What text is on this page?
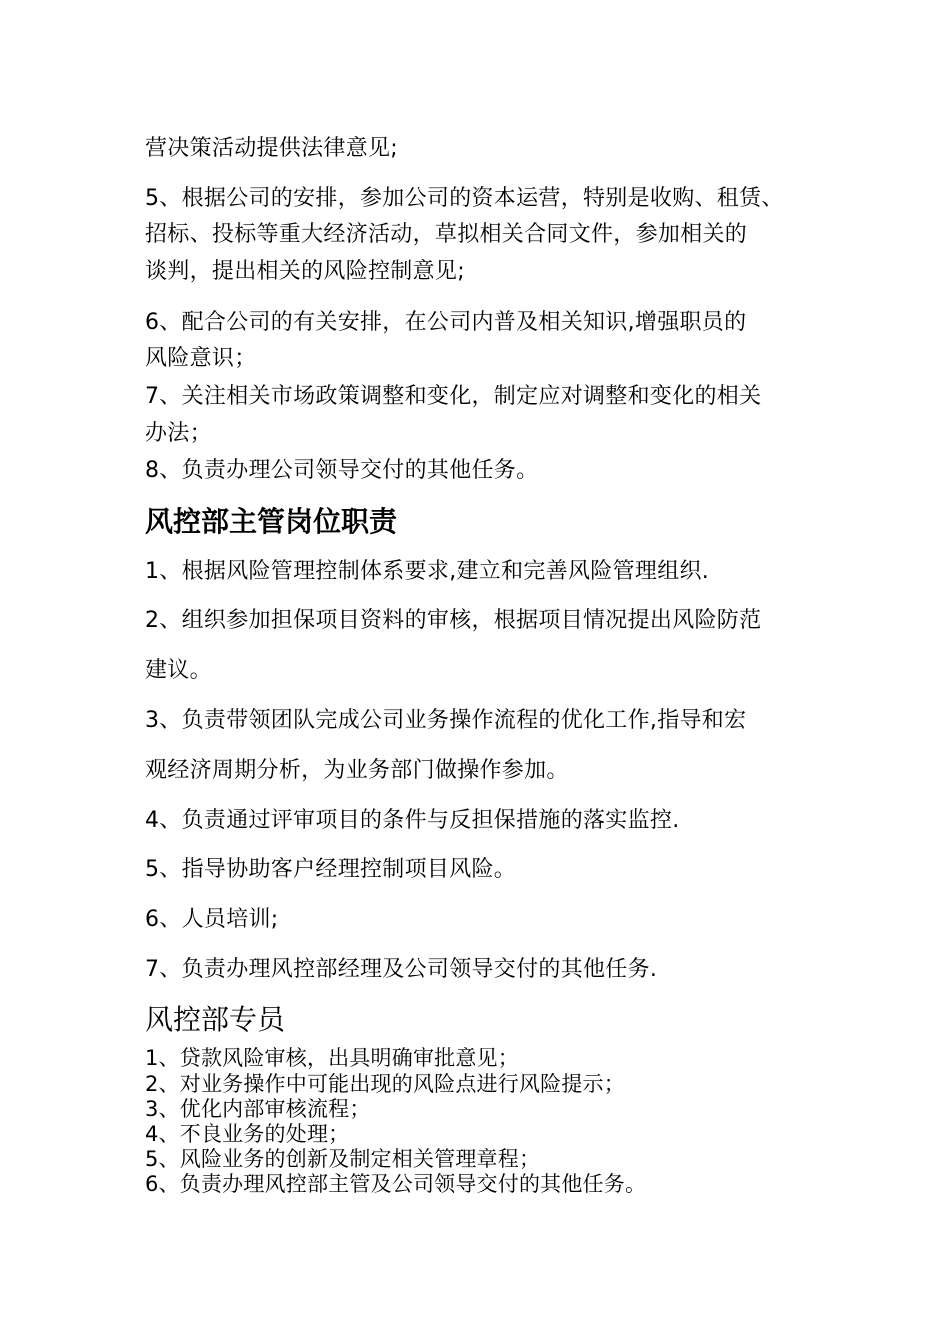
营决策活动提供法律意见;
5、根据公司的安排，参加公司的资本运营，特别是收购、租赁、
招标、投标等重大经济活动，草拟相关合同文件，参加相关的
谈判，提出相关的风险控制意见;
6、配合公司的有关安排，在公司内普及相关知识,增强职员的
风险意识；
7、关注相关市场政策调整和变化，制定应对调整和变化的相关
办法；
8、负责办理公司领导交付的其他任务。
风控部主管岗位职责
1、根据风险管理控制体系要求,建立和完善风险管理组织.
2、组织参加担保项目资料的审核，根据项目情况提出风险防范
建议。
3、负责带领团队完成公司业务操作流程的优化工作,指导和宏
观经济周期分析，为业务部门做操作参加。
4、负责通过评审项目的条件与反担保措施的落实监控.
5、指导协助客户经理控制项目风险。
6、人员培训;
7、负责办理风控部经理及公司领导交付的其他任务.
风控部专员
1、贷款风险审核，出具明确审批意见；
2、对业务操作中可能出现的风险点进行风险提示；
3、优化内部审核流程；
4、不良业务的处理；
5、风险业务的创新及制定相关管理章程；
6、负责办理风控部主管及公司领导交付的其他任务。
